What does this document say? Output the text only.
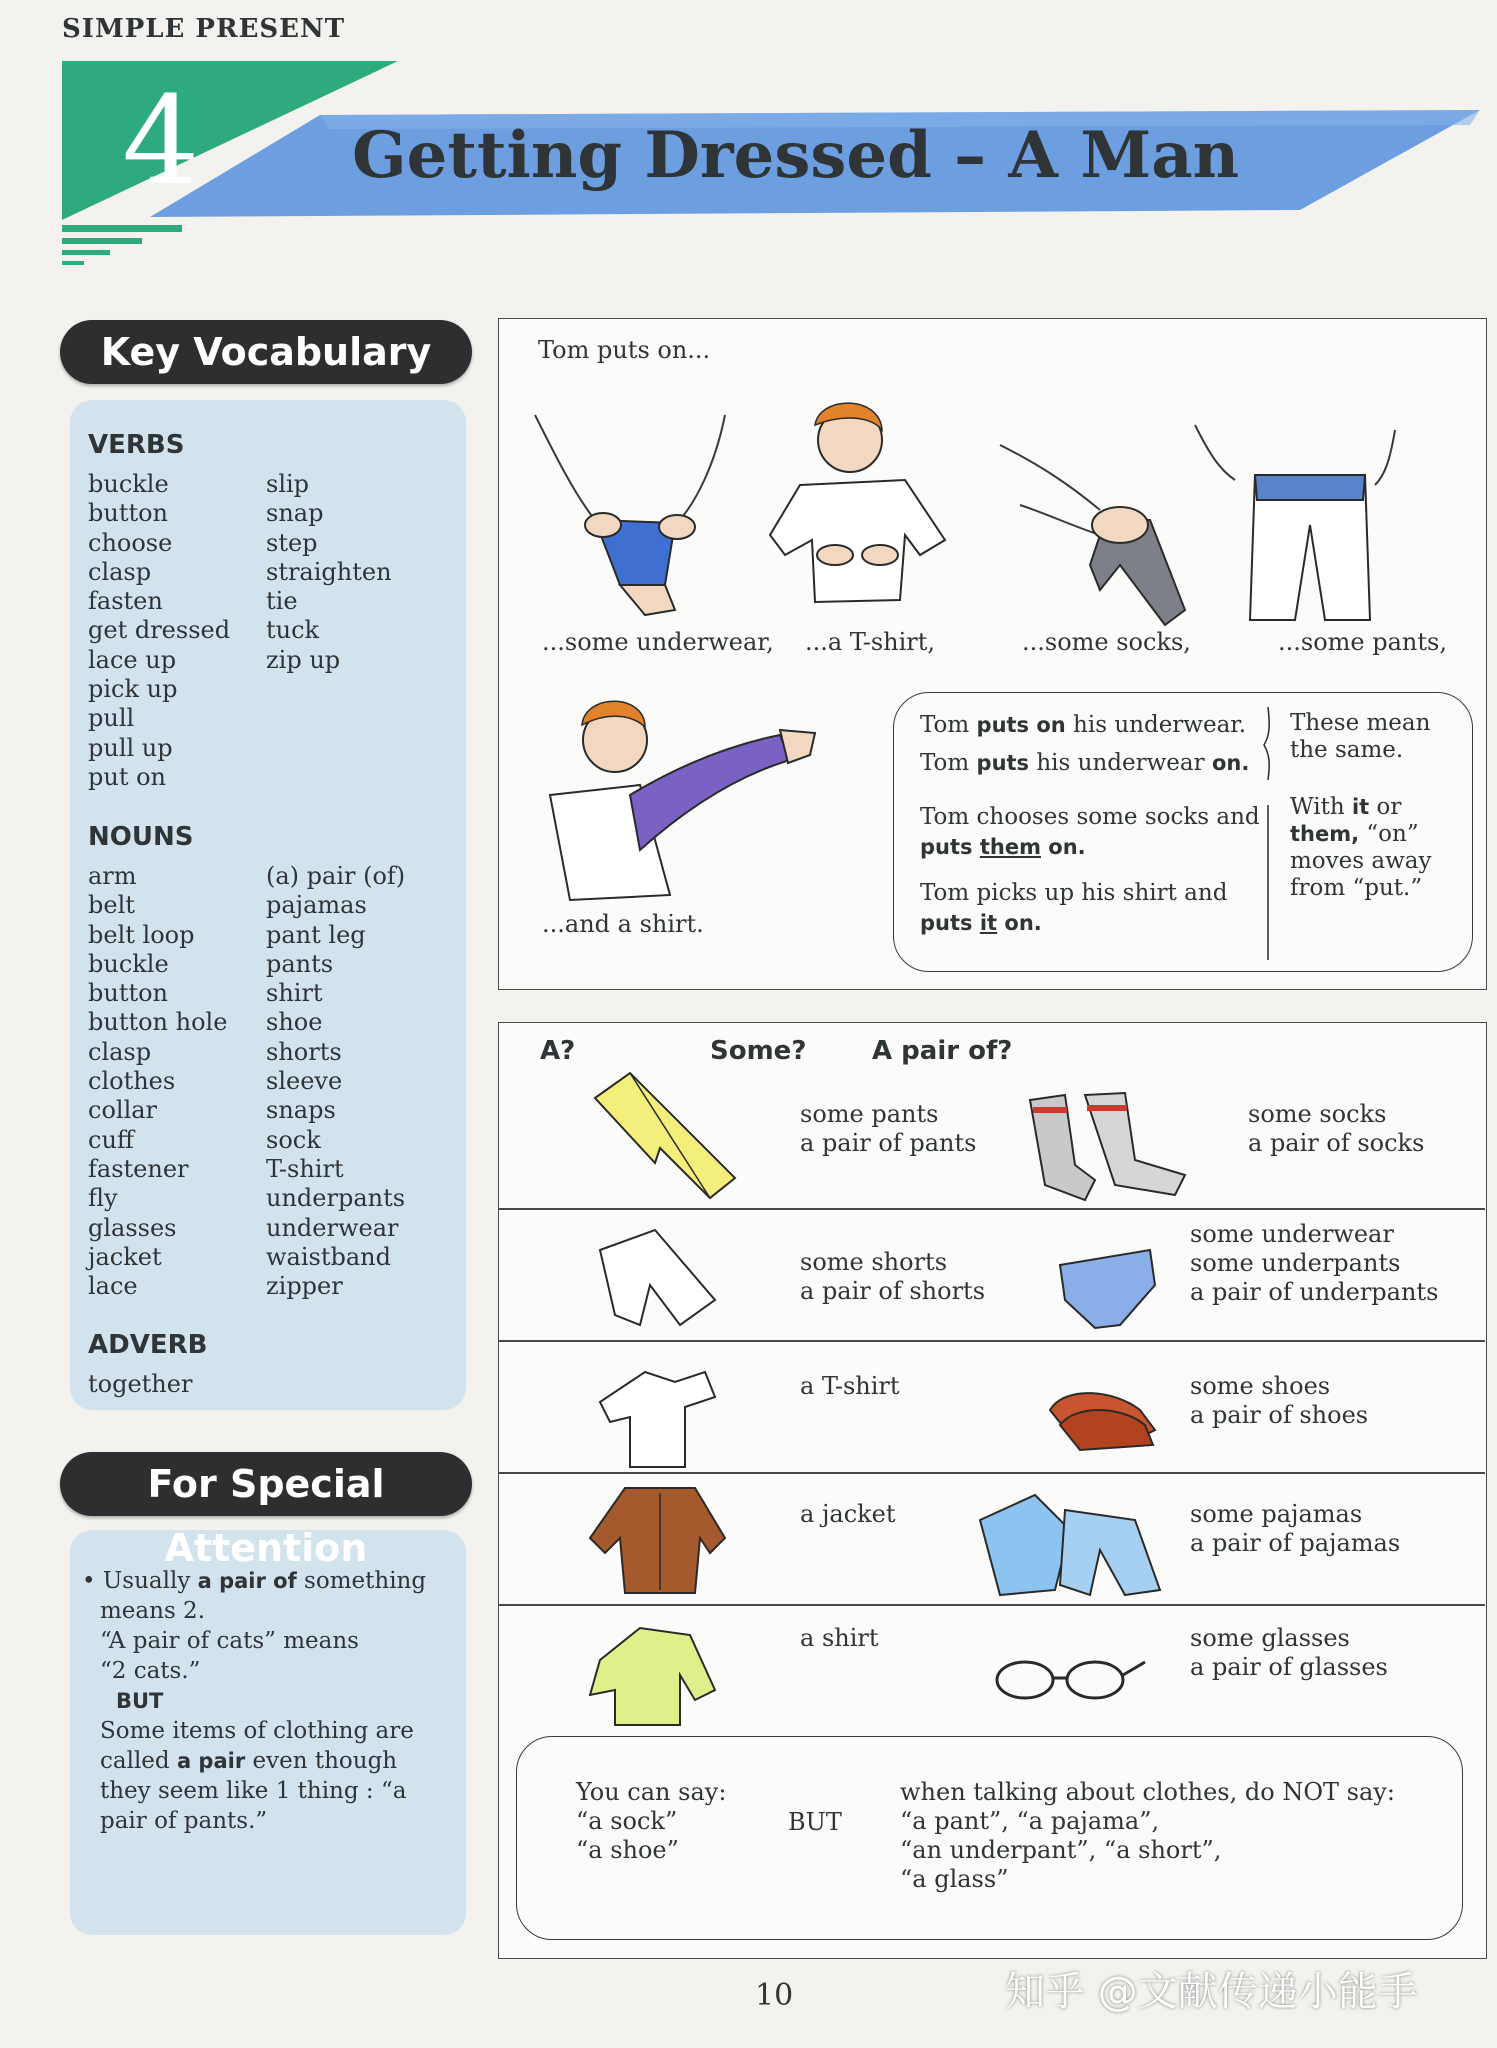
SIMPLE PRESENT
4 Getting Dressed – A Man
Key Vocabulary
VERBS
buckle
button
choose
clasp
fasten
get dressed
lace up
pick up
pull
pull up
put on
slip
snap
step
straighten
tie
tuck
zip up
NOUNS
arm
belt
belt loop
buckle
button
button hole
clasp
clothes
collar
cuff
fastener
fly
glasses
jacket
lace
(a) pair (of)
pajamas
pant leg
pants
shirt
shoe
shorts
sleeve
snaps
sock
T-shirt
underpants
underwear
waistband
zipper
ADVERB
together
For Special Attention
• Usually a pair of something
means 2.
“A pair of cats” means
“2 cats.”
BUT
Some items of clothing are
called a pair even though
they seem like 1 thing : “a
pair of pants.”
Tom puts on...
...some underwear, ...a T-shirt,	...some socks,	...some pants,
...and a shirt.
Tom puts on his underwear.
Tom puts his underwear on.
Tom chooses some socks and
puts them on.
Tom picks up his shirt and
puts it on.
These mean
the same.
With it or
them, “on”
moves away
from “put.”
A?	Some?	A pair of?
some pants
a pair of pants
some socks
a pair of socks
some shorts
a pair of shorts
some underwear
some underpants
a pair of underpants
a T-shirt	some shoes
a pair of shoes
a jacket	some pajamas
a pair of pajamas
a shirt	some glasses
a pair of glasses
You can say:
“a sock”
“a shoe”
BUT
when talking about clothes, do NOT say:
“a pant”, “a pajama”,
“an underpant”, “a short”,
“a glass”
10	知乎 @文献传递小能手
